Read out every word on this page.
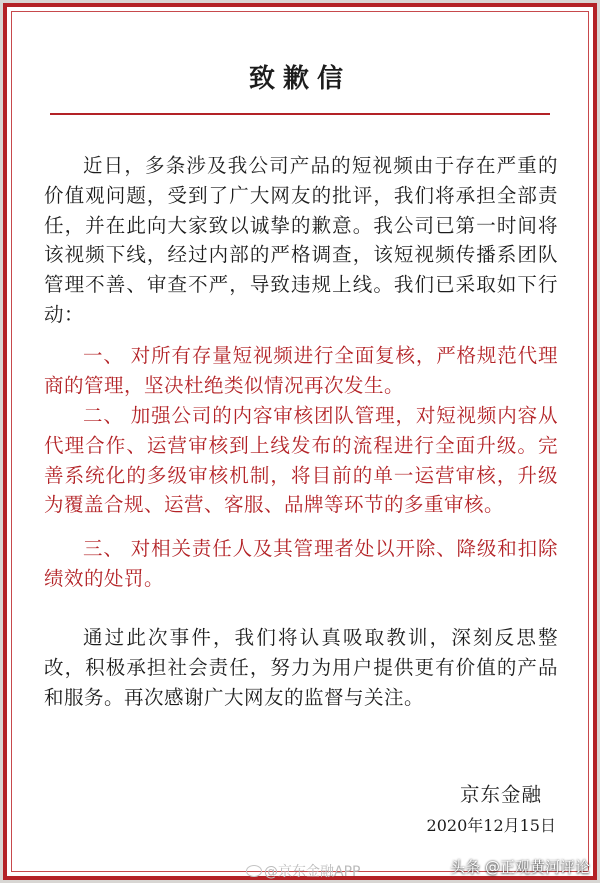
致歉信

近日，多条涉及我公司产品的短视频由于存在严重的价值观问题，受到了广大网友的批评，我们将承担全部责任，并在此向大家致以诚挚的歉意。我公司已第一时间将该视频下线，经过内部的严格调查，该短视频传播系团队管理不善、审查不严，导致违规上线。我们已采取如下行动：

一、 对所有存量短视频进行全面复核，严格规范代理商的管理，坚决杜绝类似情况再次发生。

二、 加强公司的内容审核团队管理，对短视频内容从代理合作、运营审核到上线发布的流程进行全面升级。完善系统化的多级审核机制，将目前的单一运营审核，升级为覆盖合规、运营、客服、品牌等环节的多重审核。

三、 对相关责任人及其管理者处以开除、降级和扣除绩效的处罚。

通过此次事件，我们将认真吸取教训，深刻反思整改，积极承担社会责任，努力为用户提供更有价值的产品和服务。再次感谢广大网友的监督与关注。

京东金融
2020年12月15日
@京东金融APP	头条 @正观黄河评论
